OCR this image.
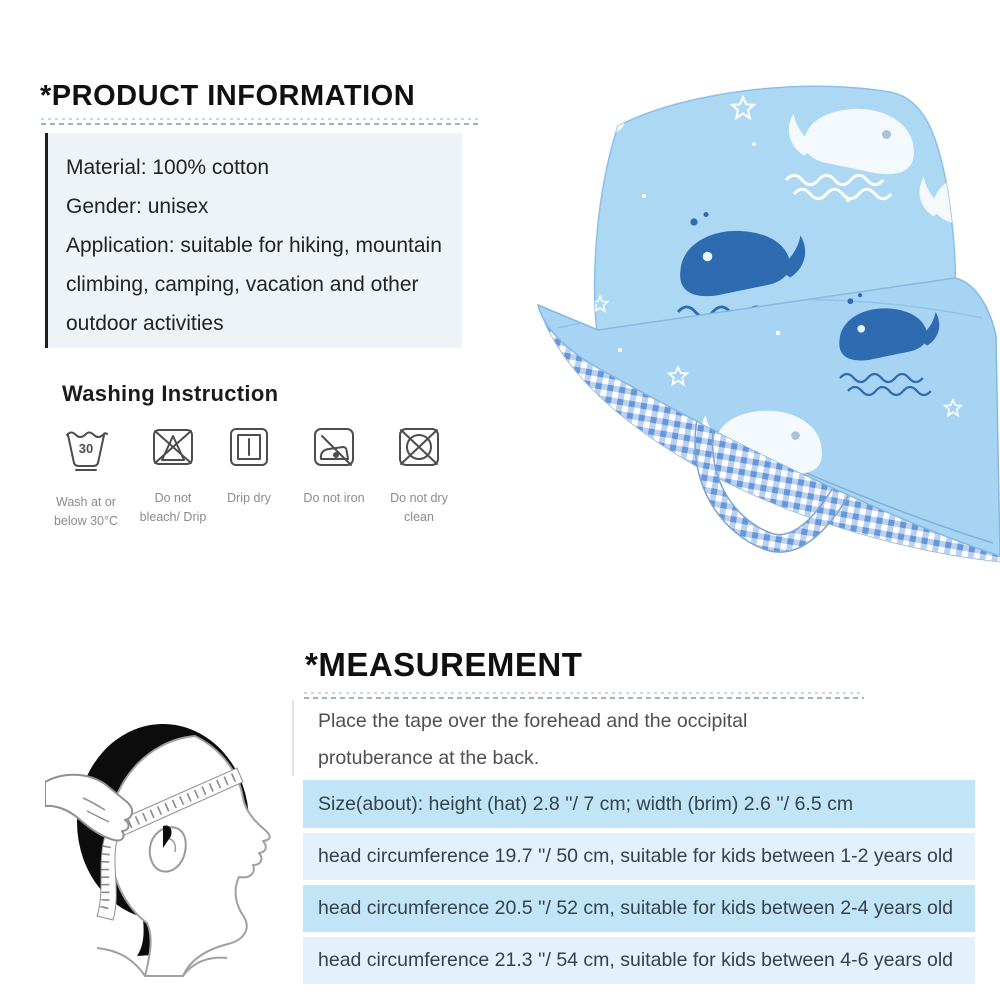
*PRODUCT INFORMATION

Material: 100% cotton

Gender: unisex

Application: suitable for hiking, mountain climbing, camping, vacation and other outdoor activities

Washing Instruction
30
Wash at or
below 30°C
Do not
bleach/ Drip
Drip dry	Do not iron	Do not dry
clean
*MEASUREMENT

Place the tape over the forehead and the occipital protuberance at the back.

Size(about): height (hat) 2.8 ''/ 7 cm; width (brim) 2.6 ''/ 6.5 cm
head circumference 19.7 ''/ 50 cm, suitable for kids between 1-2 years old
head circumference 20.5 ''/ 52 cm, suitable for kids between 2-4 years old
head circumference 21.3 ''/ 54 cm, suitable for kids between 4-6 years old
